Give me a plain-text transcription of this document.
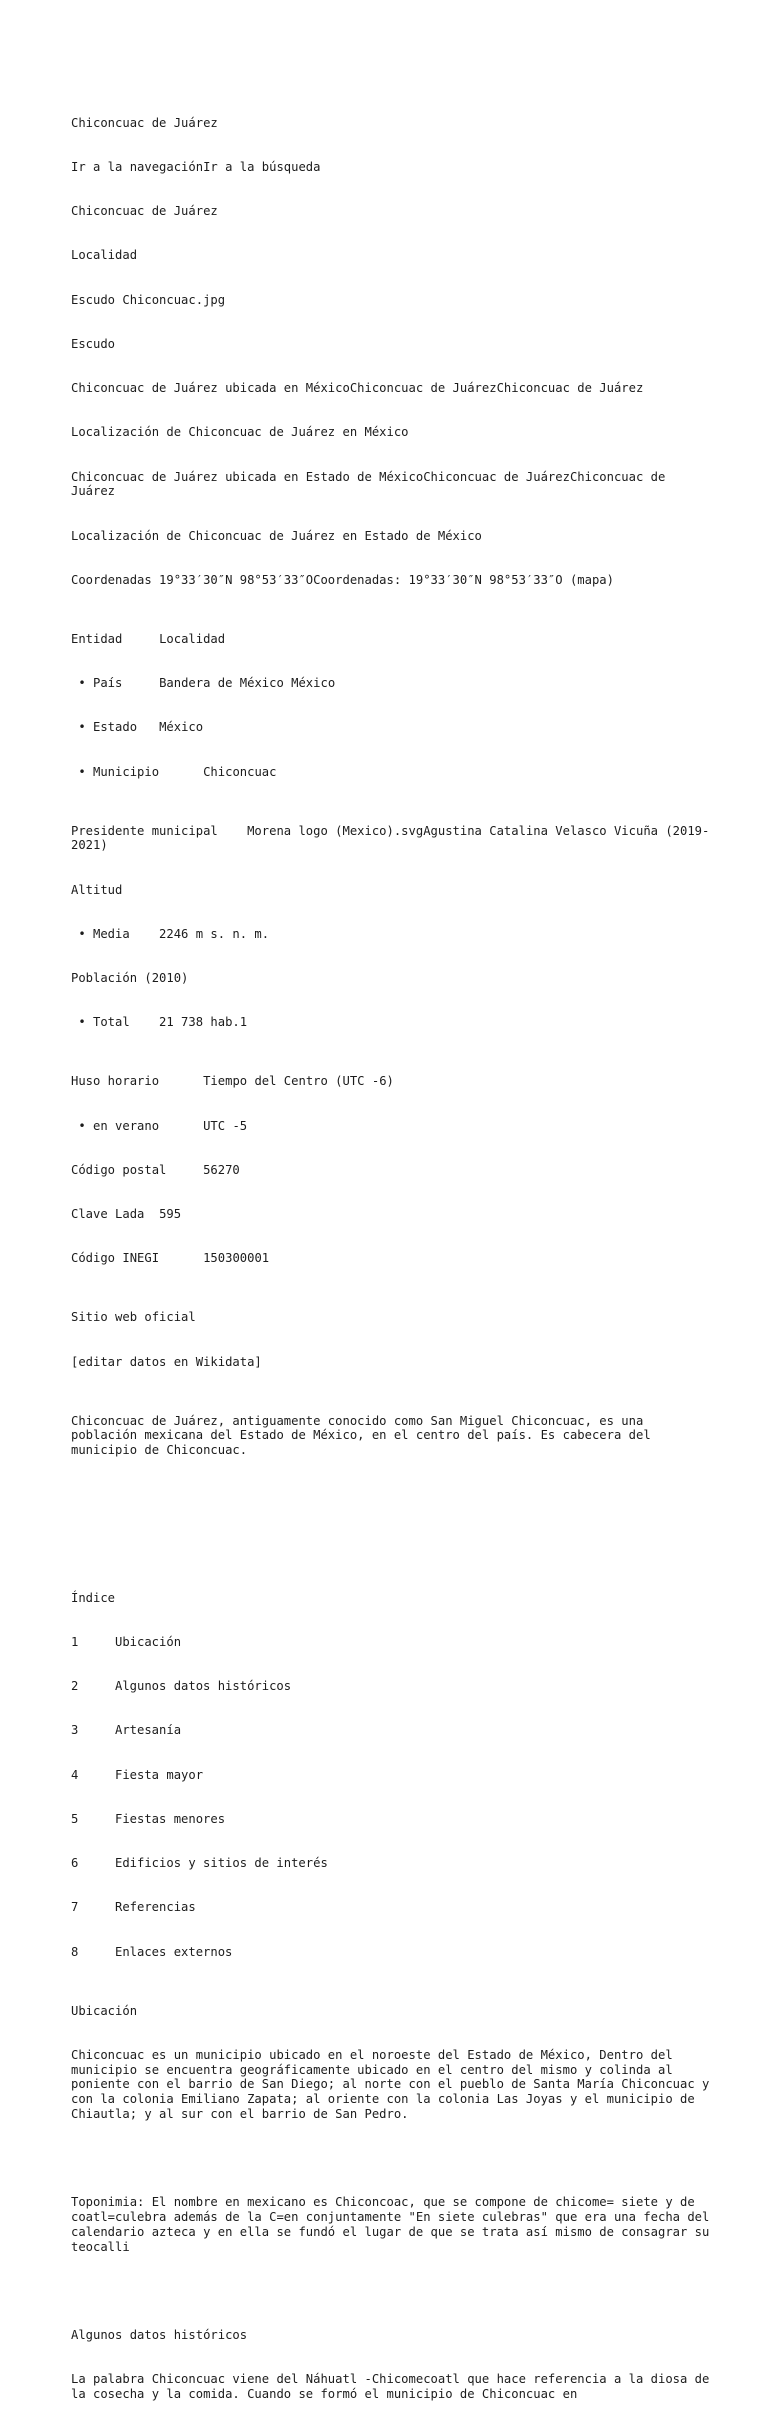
Chiconcuac de Juárez

Ir a la navegaciónIr a la búsqueda

Chiconcuac de Juárez

Localidad

Escudo Chiconcuac.jpg

Escudo

Chiconcuac de Juárez ubicada en MéxicoChiconcuac de JuárezChiconcuac de Juárez

Localización de Chiconcuac de Juárez en México

Chiconcuac de Juárez ubicada en Estado de MéxicoChiconcuac de JuárezChiconcuac de Juárez

Localización de Chiconcuac de Juárez en Estado de México

Coordenadas 19°33′30″N 98°53′33″OCoordenadas: 19°33′30″N 98°53′33″O (mapa)

Entidad	Localidad

• País	Bandera de México México

• Estado México

• Municipio	Chiconcuac

Presidente municipal    Morena logo (Mexico).svgAgustina Catalina Velasco Vicuña (2019-2021)

Altitud

• Media    2246 m s. n. m.

Población (2010)

• Total    21 738 hab.1

Huso horario	Tiempo del Centro (UTC -6)

• en verano	UTC -5

Código postal	56270

Clave Lada 595

Código INEGI	150300001

Sitio web oficial

[editar datos en Wikidata]

Chiconcuac de Juárez, antiguamente conocido como San Miguel Chiconcuac, es una población mexicana del Estado de México, en el centro del país. Es cabecera del municipio de Chiconcuac.

Índice

1	Ubicación

2	Algunos datos históricos

3	Artesanía

4	Fiesta mayor

5	Fiestas menores

6	Edificios y sitios de interés

7	Referencias

8	Enlaces externos

Ubicación

Chiconcuac es un municipio ubicado en el noroeste del Estado de México, Dentro del municipio se encuentra geográficamente ubicado en el centro del mismo y colinda al poniente con el barrio de San Diego; al norte con el pueblo de Santa María Chiconcuac y con la colonia Emiliano Zapata; al oriente con la colonia Las Joyas y el municipio de Chiautla; y al sur con el barrio de San Pedro.

Toponimia: El nombre en mexicano es Chiconcoac, que se compone de chicome= siete y de coatl=culebra además de la C=en conjuntamente "En siete culebras" que era una fecha del calendario azteca y en ella se fundó el lugar de que se trata así mismo de consagrar su teocalli

Algunos datos históricos

La palabra Chiconcuac viene del Náhuatl -Chicomecoatl que hace referencia a la diosa de la cosecha y la comida. Cuando se formó el municipio de Chiconcuac en
